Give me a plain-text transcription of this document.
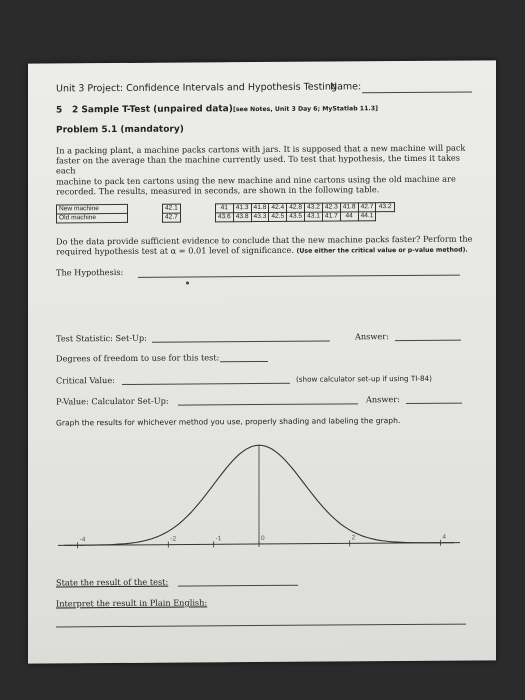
Unit 3 Project: Confidence Intervals and Hypothesis Testing
Name:
5 2 Sample T-Test (unpaired data) [see Notes, Unit 3 Day 6; MyStatlab 11.3]
Problem 5.1 (mandatory)
In a packing plant, a machine packs cartons with jars. It is supposed that a new machine will pack
faster on the average than the machine currently used. To test that hypothesis, the times it takes each
machine to pack ten cartons using the new machine and nine cartons using the old machine are
recorded. The results, measured in seconds, are shown in the following table.
New machine		42.1		41	41.3	41.8	42.4	42.8	43.2	42.3	41.8	42.7	43.2
Old machine		42.7		43.6	43.8	43.3	42.5	43.5	43.1	41.7	44	44.1	
Do the data provide sufficient evidence to conclude that the new machine packs faster? Perform the
required hypothesis test at α = 0.01 level of significance. (Use either the critical value or p-value method).
The Hypothesis:
Test Statistic: Set-Up:	Answer:
Degrees of freedom to use for this test:
Critical Value:	(show calculator set-up if using TI-84)
P-Value: Calculator Set-Up:	Answer:
Graph the results for whichever method you use, properly shading and labeling the graph.
-4	-2	-1	0	2	4
State the result of the test:
Interpret the result in Plain English:
